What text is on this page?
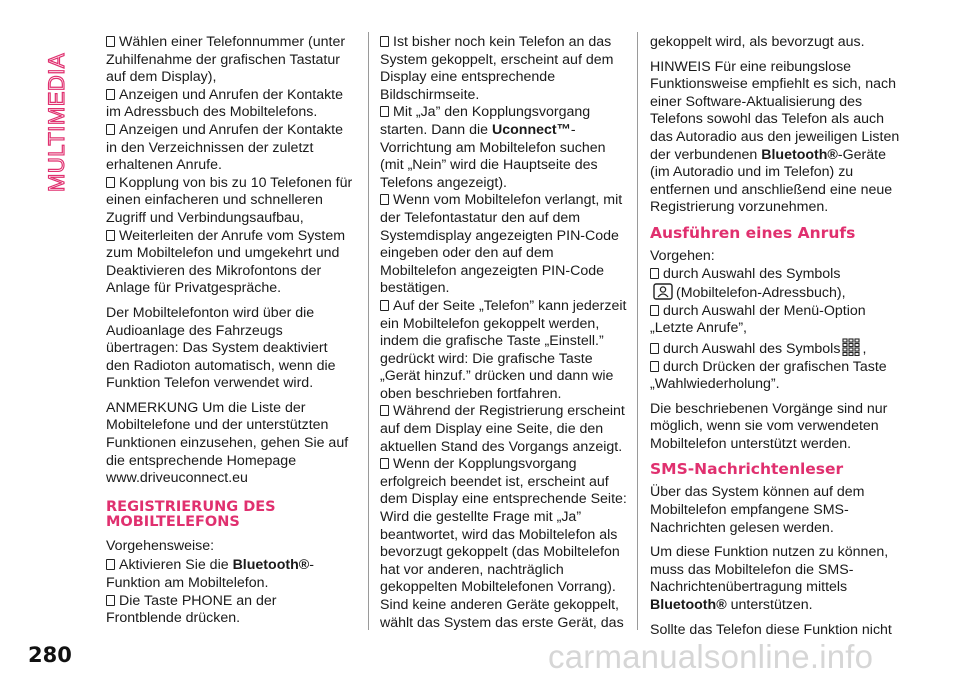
MULTIMEDIA
Wählen einer Telefonnummer (unter Zuhilfenahme der grafischen Tastatur auf dem Display),
Anzeigen und Anrufen der Kontakte im Adressbuch des Mobiltelefons.
Anzeigen und Anrufen der Kontakte in den Verzeichnissen der zuletzt erhaltenen Anrufe.
Kopplung von bis zu 10 Telefonen für einen einfacheren und schnelleren Zugriff und Verbindungsaufbau,
Weiterleiten der Anrufe vom System zum Mobiltelefon und umgekehrt und Deaktivieren des Mikrofontons der Anlage für Privatgespräche.

Der Mobiltelefonton wird über die Audioanlage des Fahrzeugs übertragen: Das System deaktiviert den Radioton automatisch, wenn die Funktion Telefon verwendet wird.

ANMERKUNG Um die Liste der Mobiltelefone und der unterstützten Funktionen einzusehen, gehen Sie auf die entsprechende Homepage www.driveuconnect.eu

REGISTRIERUNG DES MOBILTELEFONS

Vorgehensweise:

Aktivieren Sie die Bluetooth®-Funktion am Mobiltelefon.
Die Taste PHONE an der Frontblende drücken.
Ist bisher noch kein Telefon an das System gekoppelt, erscheint auf dem Display eine entsprechende Bildschirmseite.
Mit „Ja” den Kopplungsvorgang starten. Dann die Uconnect™-Vorrichtung am Mobiltelefon suchen (mit „Nein” wird die Hauptseite des Telefons angezeigt).
Wenn vom Mobiltelefon verlangt, mit der Telefontastatur den auf dem Systemdisplay angezeigten PIN-Code eingeben oder den auf dem Mobiltelefon angezeigten PIN-Code bestätigen.
Auf der Seite „Telefon” kann jederzeit ein Mobiltelefon gekoppelt werden, indem die grafische Taste „Einstell.” gedrückt wird: Die grafische Taste „Gerät hinzuf.” drücken und dann wie oben beschrieben fortfahren.
Während der Registrierung erscheint auf dem Display eine Seite, die den aktuellen Stand des Vorgangs anzeigt.
Wenn der Kopplungsvorgang erfolgreich beendet ist, erscheint auf dem Display eine entsprechende Seite: Wird die gestellte Frage mit „Ja” beantwortet, wird das Mobiltelefon als bevorzugt gekoppelt (das Mobiltelefon hat vor anderen, nachträglich gekoppelten Mobiltelefonen Vorrang). Sind keine anderen Geräte gekoppelt, wählt das System das erste Gerät, das

gekoppelt wird, als bevorzugt aus.

HINWEIS Für eine reibungslose Funktionsweise empfiehlt es sich, nach einer Software-Aktualisierung des Telefons sowohl das Telefon als auch das Autoradio aus den jeweiligen Listen der verbundenen Bluetooth®-Geräte (im Autoradio und im Telefon) zu entfernen und anschließend eine neue Registrierung vorzunehmen.

Ausführen eines Anrufs

Vorgehen:

durch Auswahl des Symbols
(Mobiltelefon-Adressbuch),
durch Auswahl der Menü-Option „Letzte Anrufe”,
durch Auswahl des Symbols ,
durch Drücken der grafischen Taste „Wahlwiederholung”.

Die beschriebenen Vorgänge sind nur möglich, wenn sie vom verwendeten Mobiltelefon unterstützt werden.

SMS-Nachrichtenleser

Über das System können auf dem Mobiltelefon empfangene SMS-Nachrichten gelesen werden.

Um diese Funktion nutzen zu können, muss das Mobiltelefon die SMS-Nachrichtenübertragung mittels Bluetooth® unterstützen.

Sollte das Telefon diese Funktion nicht

280	carmanualsonline.info
